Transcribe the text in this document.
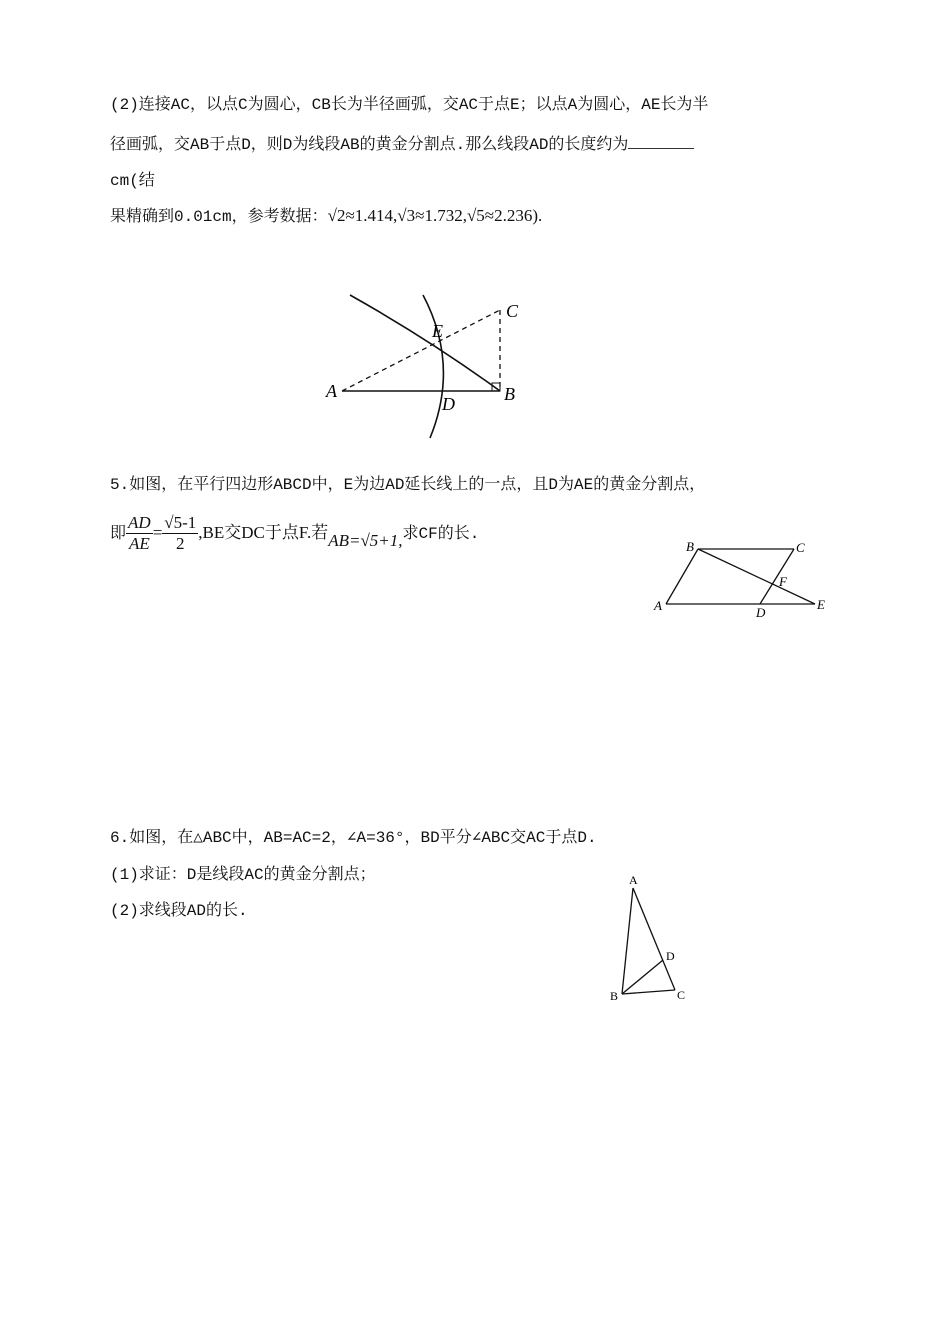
(2)连接AC，以点C为圆心，CB长为半径画弧，交AC于点E；以点A为圆心，AE长为半
径画弧，交AB于点D，则D为线段AB的黄金分割点.那么线段AD的长度约为
cm(结
果精确到0.01cm，参考数据：√2≈1.414,√3≈1.732,√5≈2.236).
A	B
C
D
E
5.如图，在平行四边形ABCD中，E为边AD延长线上的一点，且D为AE的黄金分割点，
即 $\frac{AD}{AE} = \frac{√5-1}{2} ,BE$交DC于点F.若AB=√5+1,求CF的长.
A
B	C
D
E
F
6.如图，在△ABC中，AB=AC=2，∠A=36°，BD平分∠ABC交AC于点D.
(1)求证：D是线段AC的黄金分割点；
(2)求线段AD的长.
A
B	C
D
